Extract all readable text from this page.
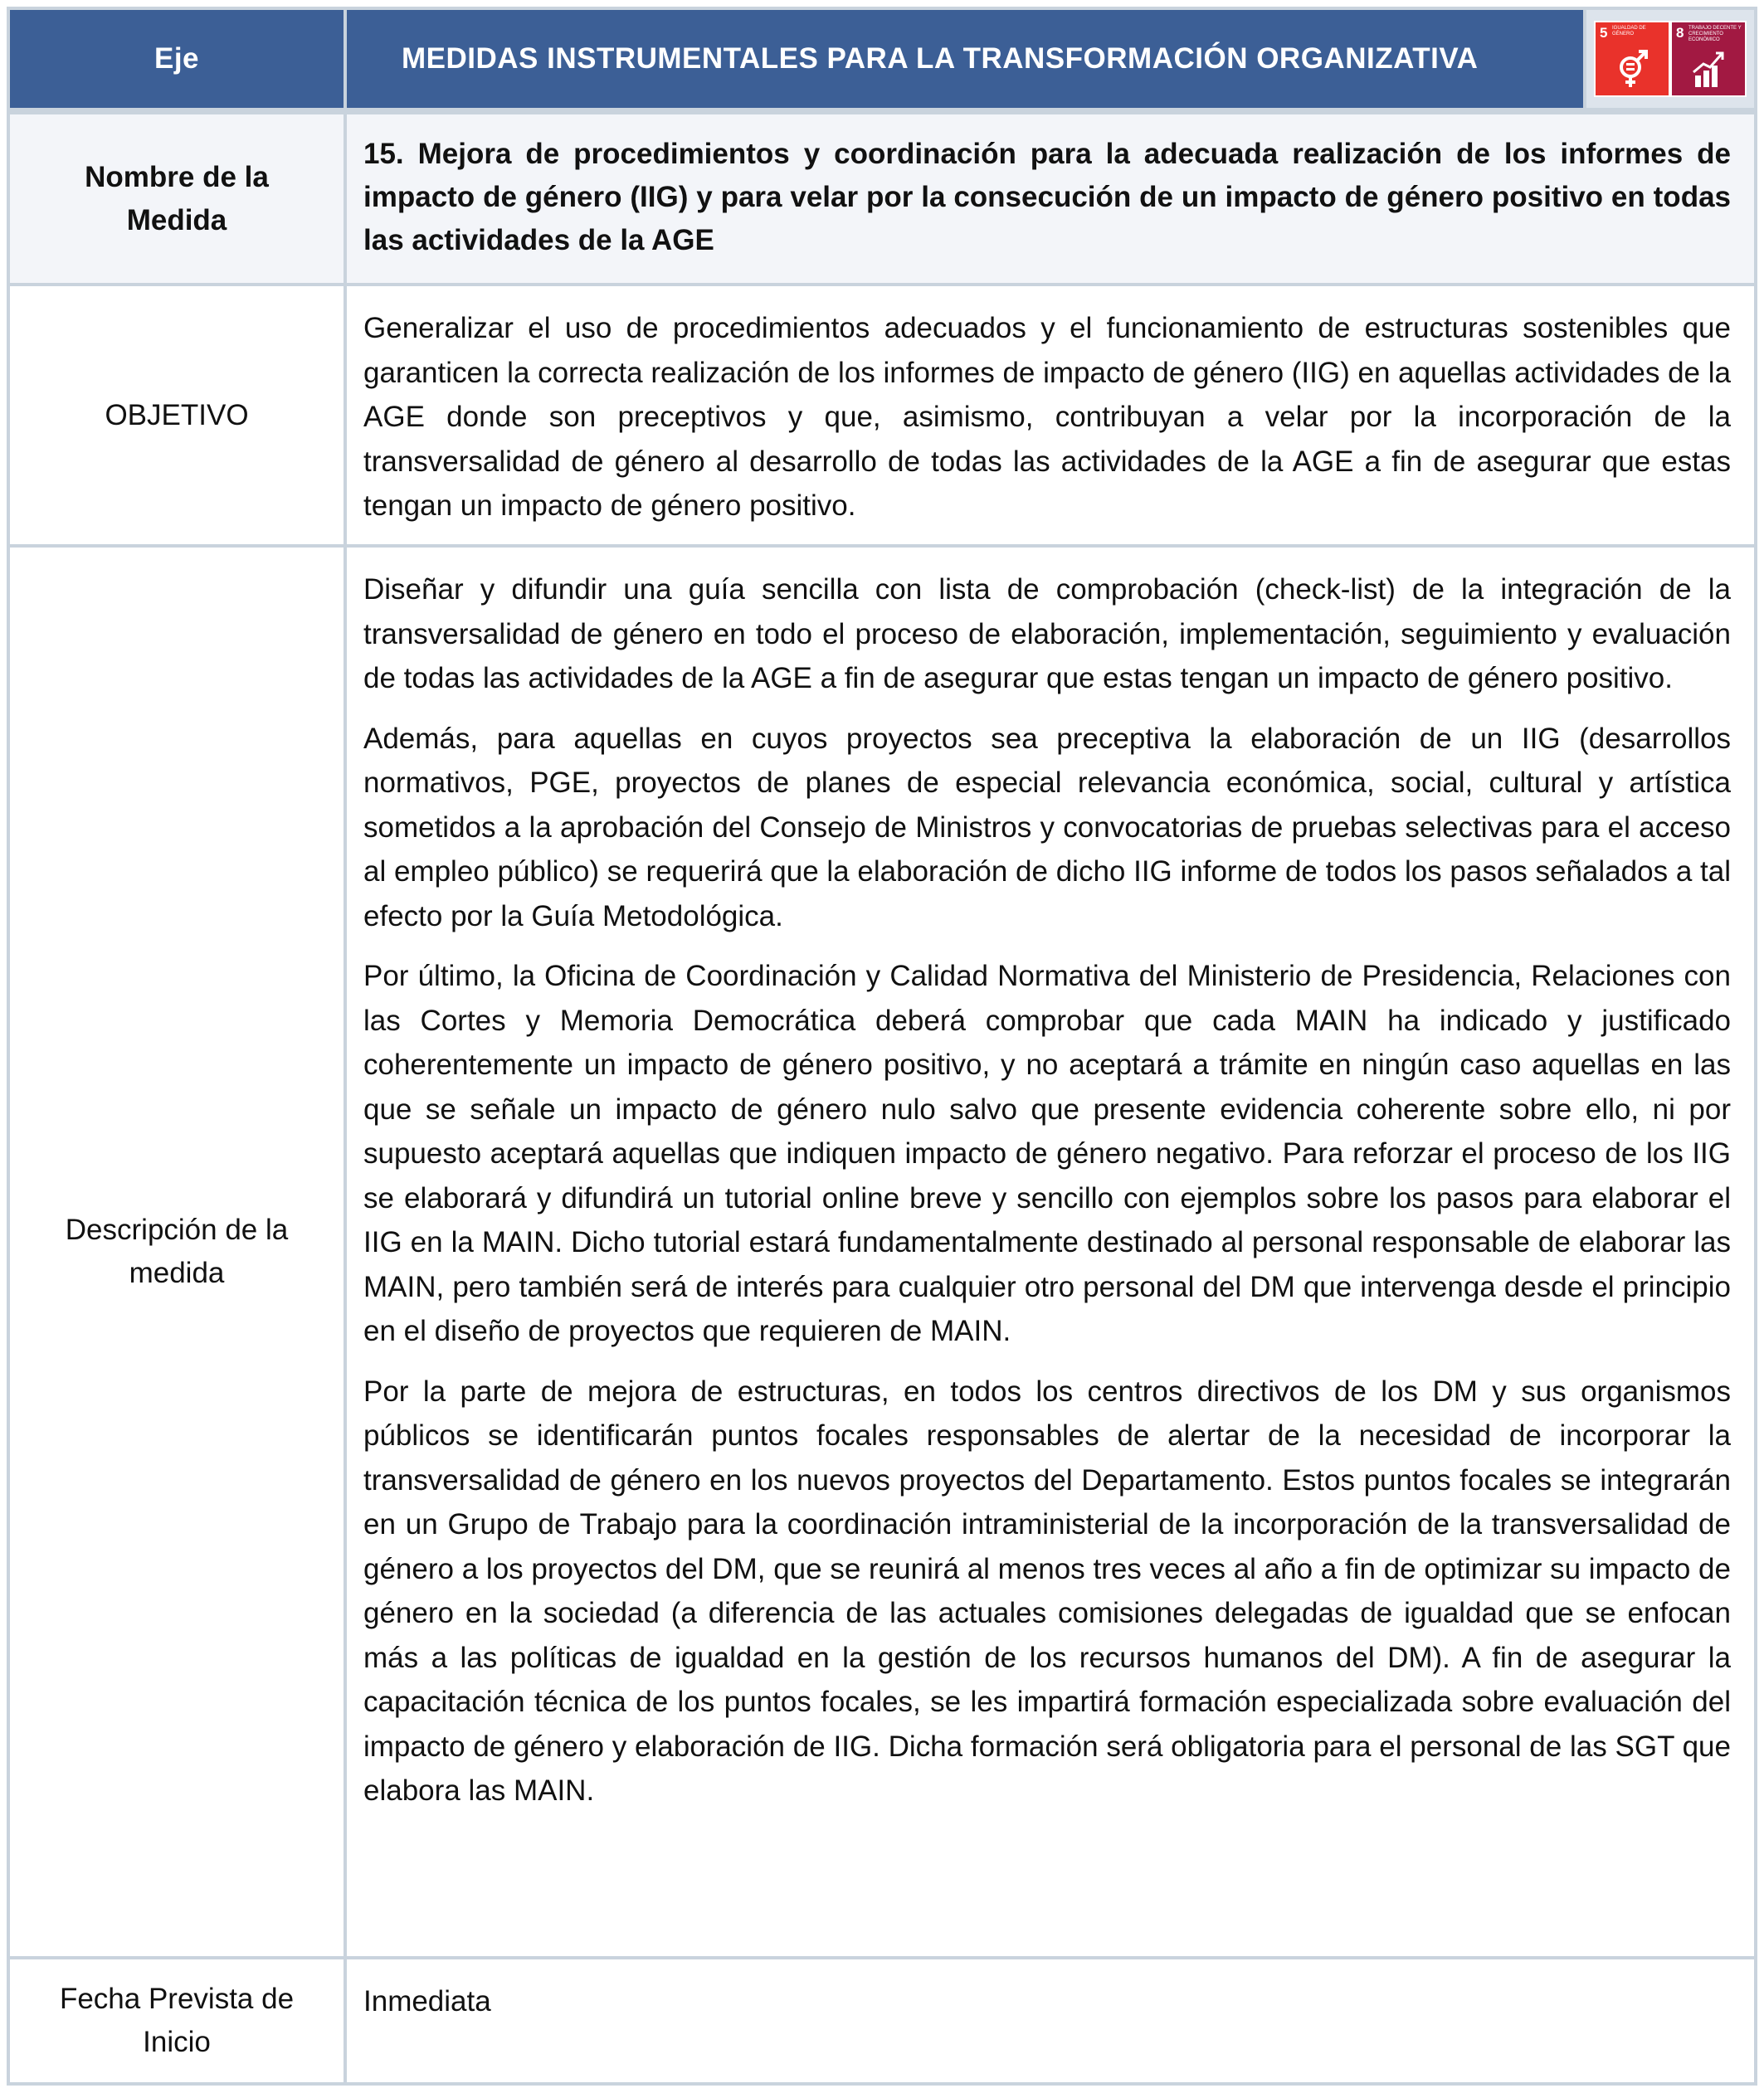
Eje	MEDIDAS INSTRUMENTALES PARA LA TRANSFORMACIÓN ORGANIZATIVA
5 IGUALDAD DE GÉNERO	8 TRABAJO DECENTE Y CRECIMIENTO ECONÓMICO
Nombre de la Medida

15. Mejora de procedimientos y coordinación para la adecuada realización de los informes de impacto de género (IIG) y para velar por la consecución de un impacto de género positivo en todas las actividades de la AGE

OBJETIVO

Generalizar el uso de procedimientos adecuados y el funcionamiento de estructuras sostenibles que garanticen la correcta realización de los informes de impacto de género (IIG) en aquellas actividades de la AGE donde son preceptivos y que, asimismo, contribuyan a velar por la incorporación de la transversalidad de género al desarrollo de todas las actividades de la AGE a fin de asegurar que estas tengan un impacto de género positivo.

Descripción de la medida

Diseñar y difundir una guía sencilla con lista de comprobación (check-list) de la integración de la transversalidad de género en todo el proceso de elaboración, implementación, seguimiento y evaluación de todas las actividades de la AGE a fin de asegurar que estas tengan un impacto de género positivo.

Además, para aquellas en cuyos proyectos sea preceptiva la elaboración de un IIG (desarrollos normativos, PGE, proyectos de planes de especial relevancia económica, social, cultural y artística sometidos a la aprobación del Consejo de Ministros y convocatorias de pruebas selectivas para el acceso al empleo público) se requerirá que la elaboración de dicho IIG informe de todos los pasos señalados a tal efecto por la Guía Metodológica.

Por último, la Oficina de Coordinación y Calidad Normativa del Ministerio de Presidencia, Relaciones con las Cortes y Memoria Democrática deberá comprobar que cada MAIN ha indicado y justificado coherentemente un impacto de género positivo, y no aceptará a trámite en ningún caso aquellas en las que se señale un impacto de género nulo salvo que presente evidencia coherente sobre ello, ni por supuesto aceptará aquellas que indiquen impacto de género negativo. Para reforzar el proceso de los IIG se elaborará y difundirá un tutorial online breve y sencillo con ejemplos sobre los pasos para elaborar el IIG en la MAIN. Dicho tutorial estará fundamentalmente destinado al personal responsable de elaborar las MAIN, pero también será de interés para cualquier otro personal del DM que intervenga desde el principio en el diseño de proyectos que requieren de MAIN.

Por la parte de mejora de estructuras, en todos los centros directivos de los DM y sus organismos públicos se identificarán puntos focales responsables de alertar de la necesidad de incorporar la transversalidad de género en los nuevos proyectos del Departamento. Estos puntos focales se integrarán en un Grupo de Trabajo para la coordinación intraministerial de la incorporación de la transversalidad de género a los proyectos del DM, que se reunirá al menos tres veces al año a fin de optimizar su impacto de género en la sociedad (a diferencia de las actuales comisiones delegadas de igualdad que se enfocan más a las políticas de igualdad en la gestión de los recursos humanos del DM). A fin de asegurar la capacitación técnica de los puntos focales, se les impartirá formación especializada sobre evaluación del impacto de género y elaboración de IIG. Dicha formación será obligatoria para el personal de las SGT que elabora las MAIN.

Fecha Prevista de Inicio

Inmediata
